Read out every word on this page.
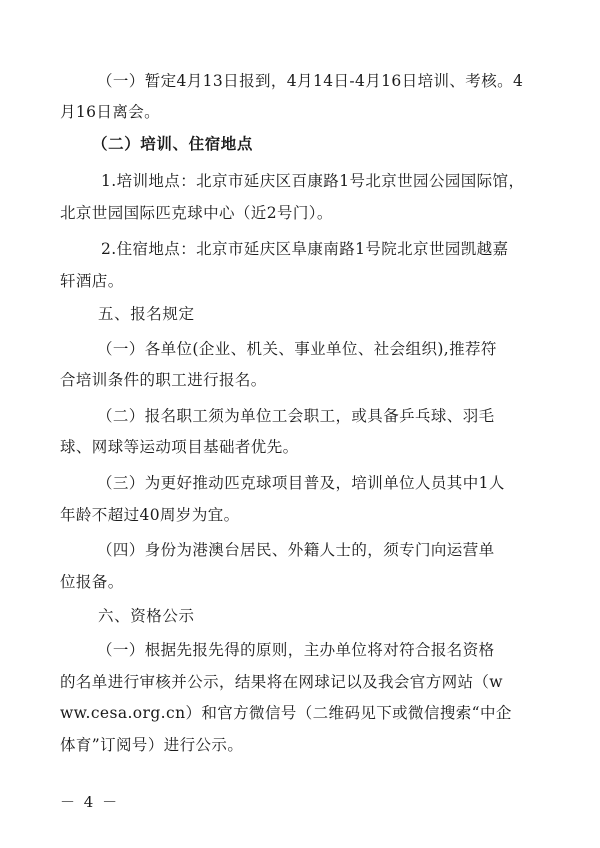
（一）暂定4月13日报到，4月14日-4月16日培训、考核。4
月16日离会。
（二）培训、住宿地点
1.培训地点：北京市延庆区百康路1号北京世园公园国际馆，
北京世园国际匹克球中心（近2号门）。
2.住宿地点：北京市延庆区阜康南路1号院北京世园凯越嘉
轩酒店。
五、报名规定
（一）各单位(企业、机关、事业单位、社会组织),推荐符
合培训条件的职工进行报名。
（二）报名职工须为单位工会职工，或具备乒乓球、羽毛
球、网球等运动项目基础者优先。
（三）为更好推动匹克球项目普及，培训单位人员其中1人
年龄不超过40周岁为宜。
（四）身份为港澳台居民、外籍人士的，须专门向运营单
位报备。
六、资格公示
（一）根据先报先得的原则，主办单位将对符合报名资格
的名单进行审核并公示，结果将在网球记以及我会官方网站（w
ww.cesa.org.cn）和官方微信号（二维码见下或微信搜索“中企
体育”订阅号）进行公示。
－ 4 －
